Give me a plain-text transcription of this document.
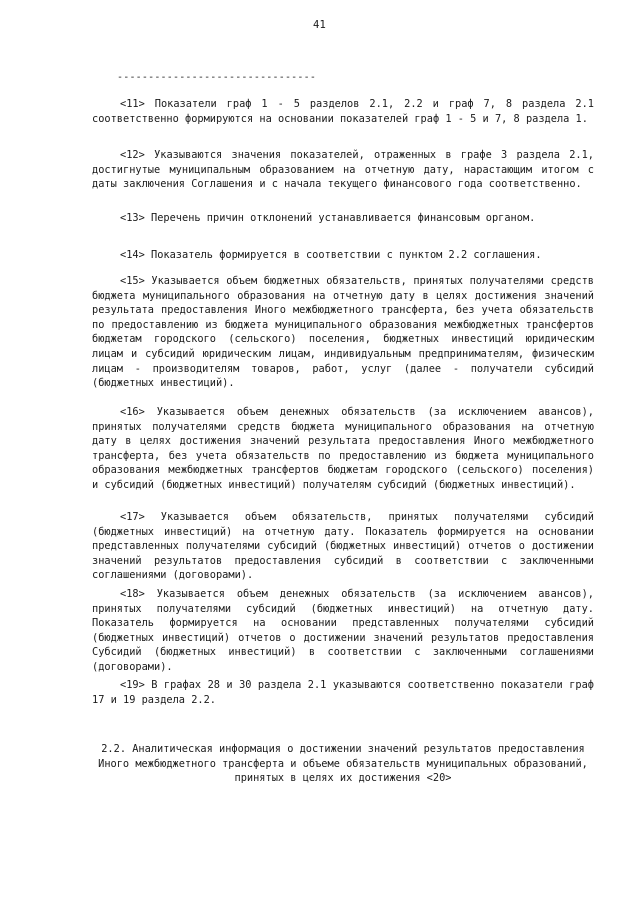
41
--------------------------------

<11> Показатели граф 1 - 5 разделов 2.1, 2.2 и граф 7, 8 раздела 2.1 соответственно формируются на основании показателей граф 1 - 5 и 7, 8 раздела 1.

<12> Указываются значения показателей, отраженных в графе 3 раздела 2.1, достигнутые муниципальным образованием на отчетную дату, нарастающим итогом с даты заключения Соглашения и с начала текущего финансового года соответственно.

<13> Перечень причин отклонений устанавливается финансовым органом.

<14> Показатель формируется в соответствии с пунктом 2.2 соглашения.

<15> Указывается объем бюджетных обязательств, принятых получателями средств бюджета муниципального образования на отчетную дату в целях достижения значений результата предоставления Иного межбюджетного трансферта, без учета обязательств по предоставлению из бюджета муниципального образования межбюджетных трансфертов бюджетам городского (сельского) поселения, бюджетных инвестиций юридическим лицам и субсидий юридическим лицам, индивидуальным предпринимателям, физическим лицам - производителям товаров, работ, услуг (далее - получатели субсидий (бюджетных инвестиций).

<16> Указывается объем денежных обязательств (за исключением авансов), принятых получателями средств бюджета муниципального образования на отчетную дату в целях достижения значений результата предоставления Иного межбюджетного трансферта, без учета обязательств по предоставлению из бюджета муниципального образования межбюджетных трансфертов бюджетам городского (сельского) поселения) и субсидий (бюджетных инвестиций) получателям субсидий (бюджетных инвестиций).

<17> Указывается объем обязательств, принятых получателями субсидий (бюджетных инвестиций) на отчетную дату. Показатель формируется на основании представленных получателями субсидий (бюджетных инвестиций) отчетов о достижении значений результатов предоставления субсидий в соответствии с заключенными соглашениями (договорами).

<18> Указывается объем денежных обязательств (за исключением авансов), принятых получателями субсидий (бюджетных инвестиций) на отчетную дату. Показатель формируется на основании представленных получателями субсидий (бюджетных инвестиций) отчетов о достижении значений результатов предоставления Субсидий (бюджетных инвестиций) в соответствии с заключенными соглашениями (договорами).

<19> В графах 28 и 30 раздела 2.1 указываются соответственно показатели граф 17 и 19 раздела 2.2.

2.2. Аналитическая информация о достижении значений результатов предоставления Иного межбюджетного трансферта и объеме обязательств муниципальных образований, принятых в целях их достижения <20>
